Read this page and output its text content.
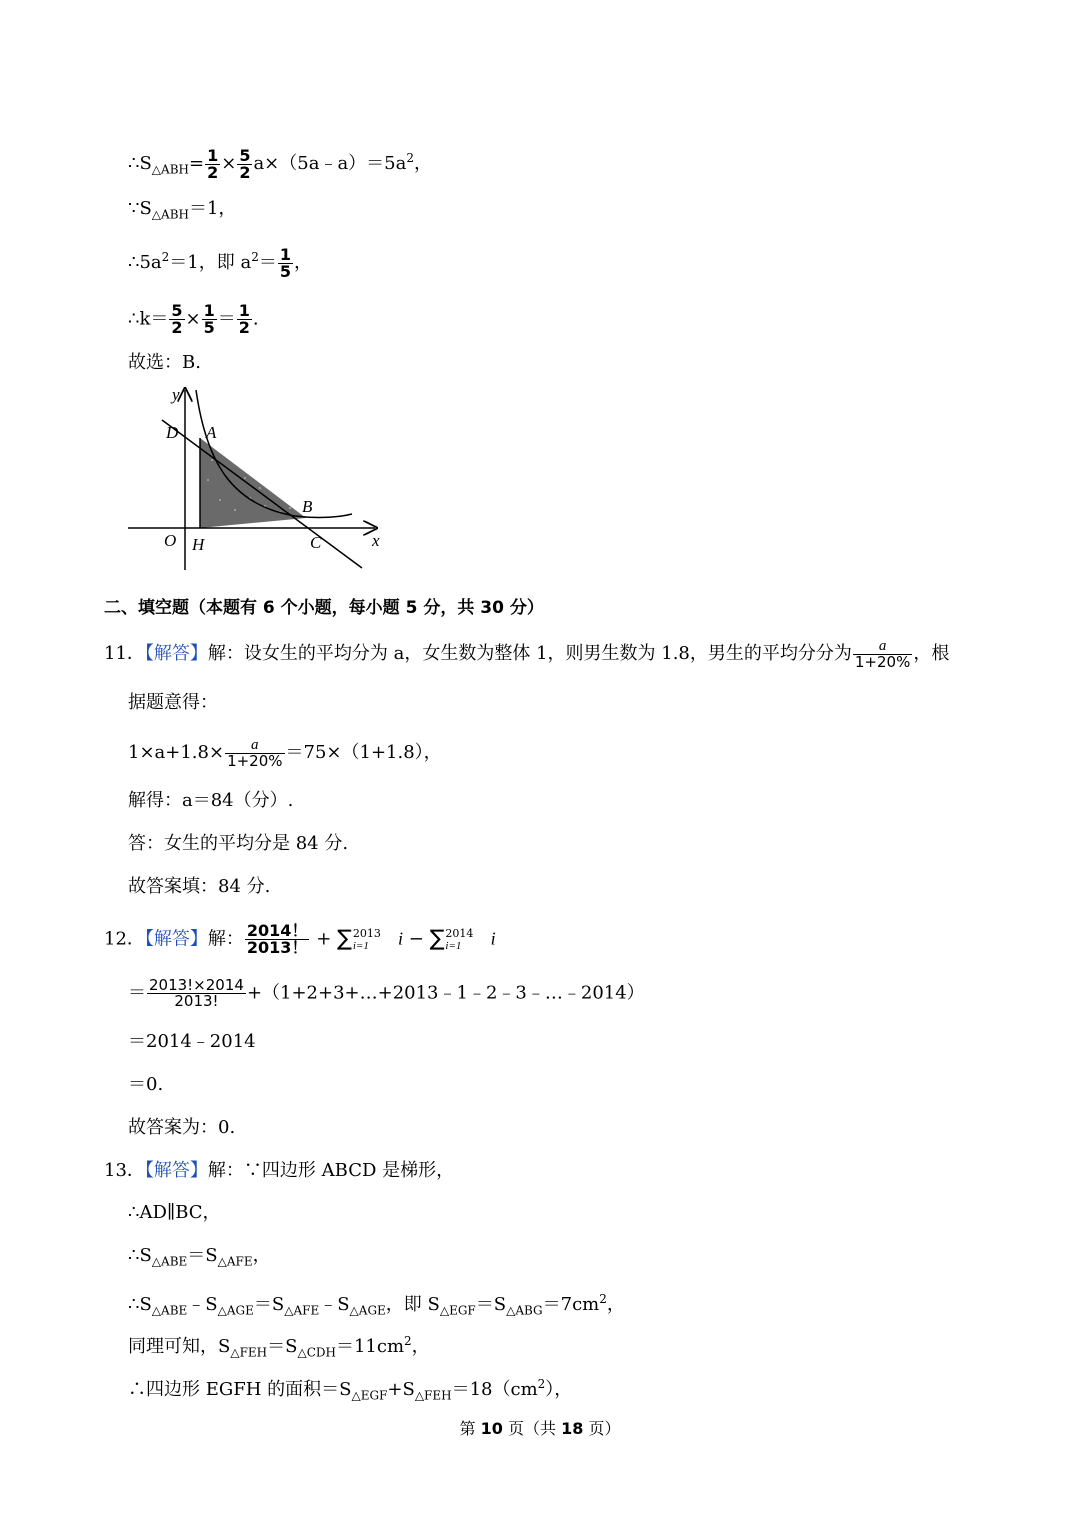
$\therefore S_{\triangle ABH}= \frac{1}{2} \times \frac{5}{2}$ $a\times(5a﹣a)=5a^2$，
$\because S_{\triangle ABH}=1$，
$\therefore 5a^2=1$，即 $a^2= \frac{1}{5}$ ，
∴k＝ $\frac{5}{2} \times \frac{1}{5} = \frac{1}{2}$ .
故选：B.
y
D A
B
O H	C	x
二、填空题（本题有 6 个小题，每小题 5 分，共 30 分）
11．【解答】解：设女生的平均分为 a，女生数为整体 1，则男生数为 1.8，男生的平均分分为 $\frac{a}{1+20\%}$ ，根
据题意得：
$1\times a+1.8\times \frac{a}{1+20\%} =75\times(1+1.8)$，
解得：a＝84（分）.
答：女生的平均分是 84 分.
故答案填：84 分.
12．【解答】解： $\frac{2014!}{2013!} + \sum 2013$
i=1 i − ∑2014
i=1 i
＝ $\frac{2013!\times 2014}{2013!}$ +（1+2+3+…+2013﹣1﹣2﹣3﹣…﹣2014）
＝2014﹣2014
＝0.
故答案为：0.
13．【解答】解：∵四边形 ABCD 是梯形，
∴AD∥BC，
$\therefore S_{\triangle ABE}=S_{\triangle AFE}$，
$\therefore S_{\triangle ABE}﹣S_{\triangle AGE}=S_{\triangle AFE}﹣S_{\triangle AGE}$，即 $S_{\triangle EGF}=S_{\triangle ABG}=7cm^2$，
同理可知，$S_{\triangle FEH}=S_{\triangle CDH}=11cm^2$，
∴四边形 EGFH 的面积$=S_{\triangle EGF}+S_{\triangle FEH}=18(cm^2)$，
第 10 页（共 18 页）
